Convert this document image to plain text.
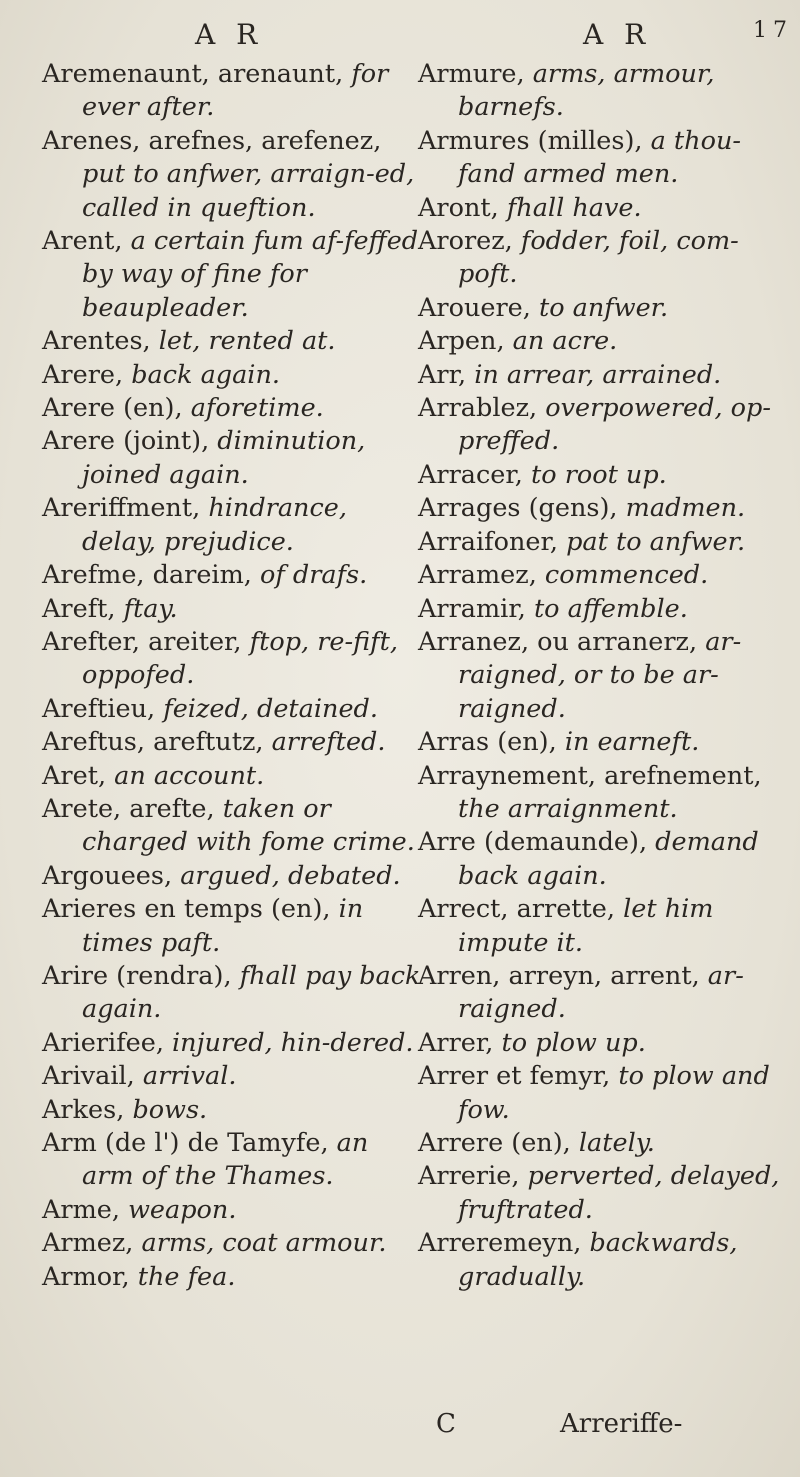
A R	A R	17
Aremenaunt, arenaunt, for ever after.
Arenes, arefnes, arefenez, put to anfwer, arraign-ed, called in queftion.
Arent, a certain fum af-feffed by way of fine for beaupleader.
Arentes, let, rented at.
Arere, back again.
Arere (en), aforetime.
Arere (joint), diminution, joined again.
Areriffment, hindrance, delay, prejudice.
Arefme, dareim, of drafs.
Areft, ftay.
Arefter, areiter, ftop, re-fift, oppofed.
Areftieu, feized, detained.
Areftus, areftutz, arrefted.
Aret, an account.
Arete, arefte, taken or charged with fome crime.
Argouees, argued, debated.
Arieres en temps (en), in times paft.
Arire (rendra), fhall pay back again.
Arierifee, injured, hin-dered.
Arivail, arrival.
Arkes, bows.
Arm (de l') de Tamyfe, an arm of the Thames.
Arme, weapon.
Armez, arms, coat armour.
Armor, the fea.
Armure, arms, armour, barnefs.
Armures (milles), a thou-fand armed men.
Aront, fhall have.
Arorez, fodder, foil, com-poft.
Arouere, to anfwer.
Arpen, an acre.
Arr, in arrear, arrained.
Arrablez, overpowered, op-preffed.
Arracer, to root up.
Arrages (gens), madmen.
Arraifoner, pat to anfwer.
Arramez, commenced.
Arramir, to affemble.
Arranez, ou arranerz, ar-raigned, or to be ar-raigned.
Arras (en), in earneft.
Arraynement, arefnement, the arraignment.
Arre (demaunde), demand back again.
Arrect, arrette, let him impute it.
Arren, arreyn, arrent, ar-raigned.
Arrer, to plow up.
Arrer et femyr, to plow and fow.
Arrere (en), lately.
Arrerie, perverted, delayed, fruftrated.
Arreremeyn, backwards, gradually.
C	Arreriffe-
